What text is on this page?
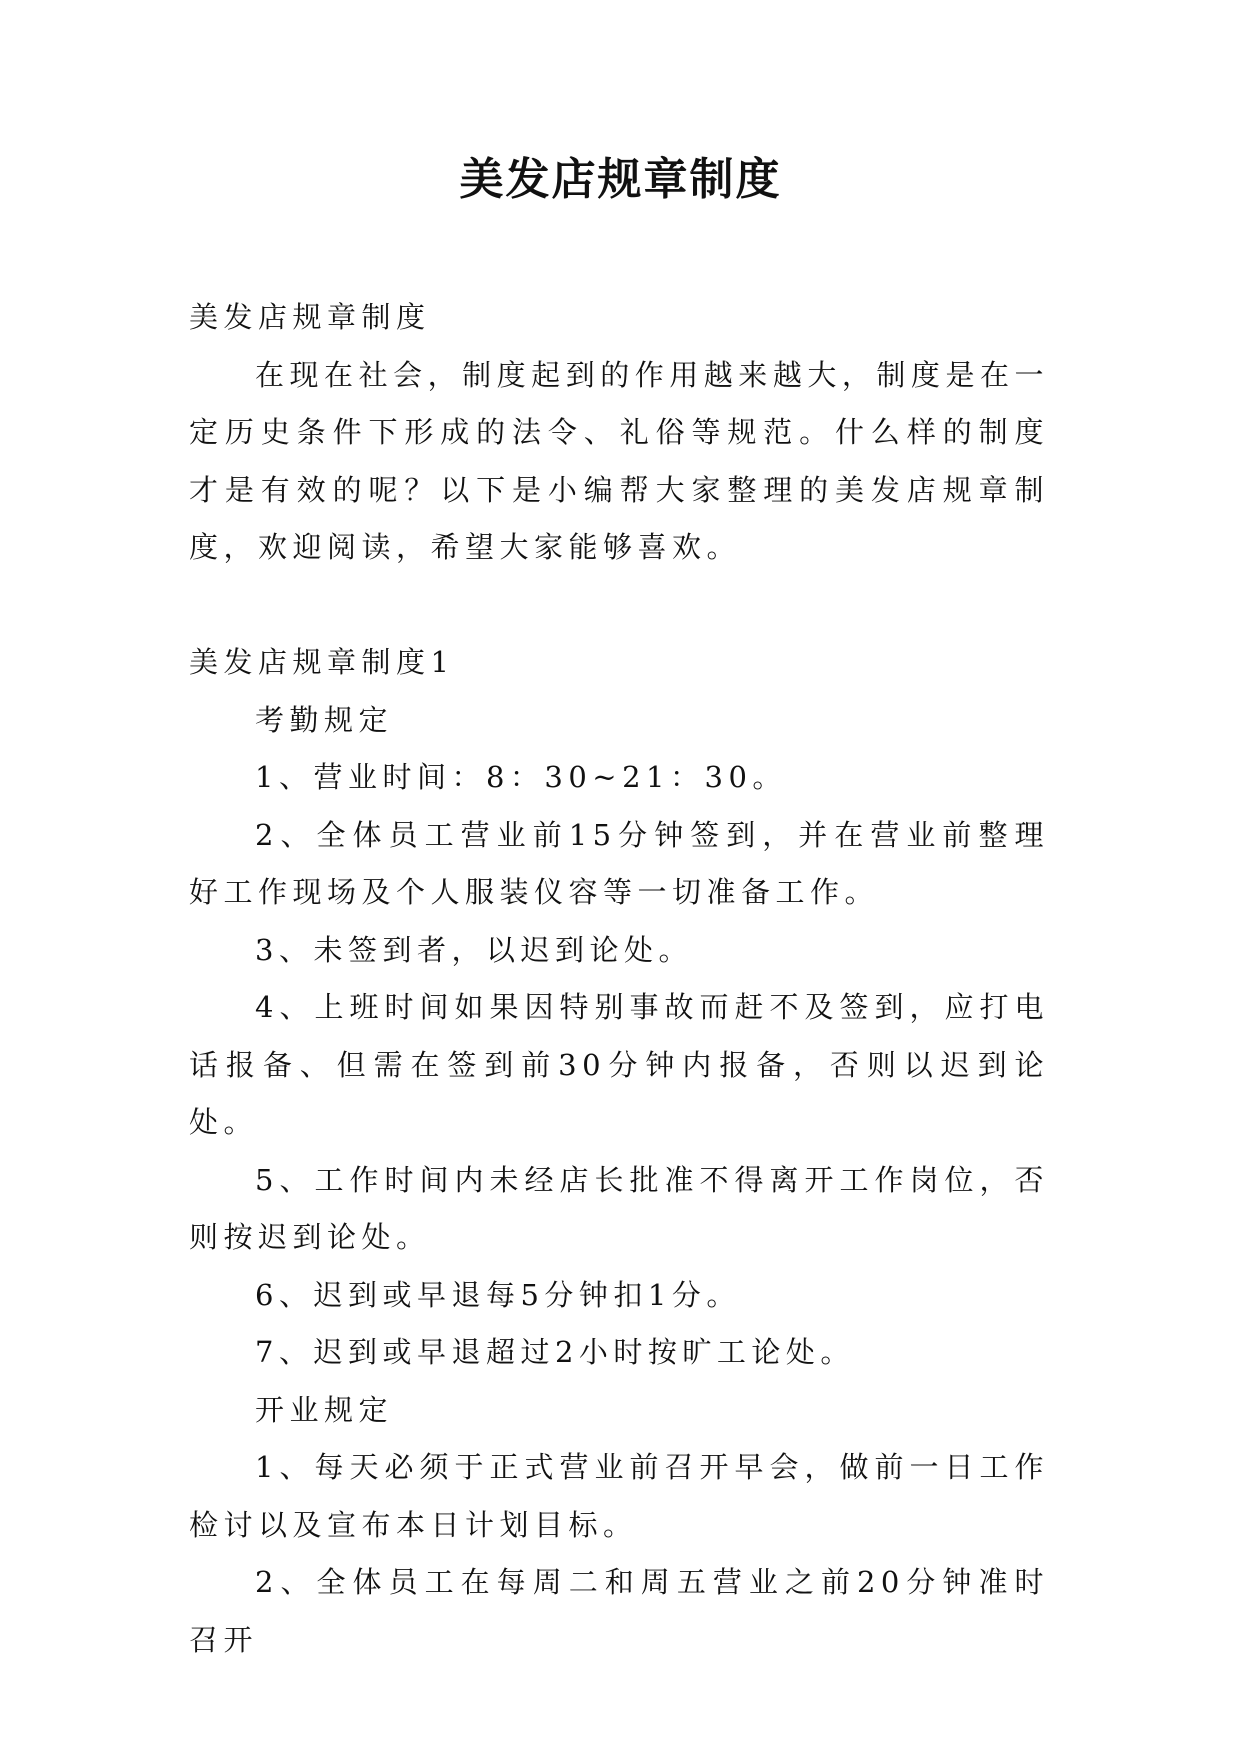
美发店规章制度

美发店规章制度

在现在社会，制度起到的作用越来越大，制度是在一定历史条件下形成的法令、礼俗等规范。什么样的制度才是有效的呢？以下是小编帮大家整理的美发店规章制度，欢迎阅读，希望大家能够喜欢。

美发店规章制度1

考勤规定

1、营业时间：8：30~21：30。

2、全体员工营业前15分钟签到，并在营业前整理好工作现场及个人服装仪容等一切准备工作。

3、未签到者，以迟到论处。

4、上班时间如果因特别事故而赶不及签到，应打电话报备、但需在签到前30分钟内报备，否则以迟到论处。

5、工作时间内未经店长批准不得离开工作岗位，否则按迟到论处。

6、迟到或早退每5分钟扣1分。

7、迟到或早退超过2小时按旷工论处。

开业规定

1、每天必须于正式营业前召开早会，做前一日工作检讨以及宣布本日计划目标。

2、全体员工在每周二和周五营业之前20分钟准时召开
